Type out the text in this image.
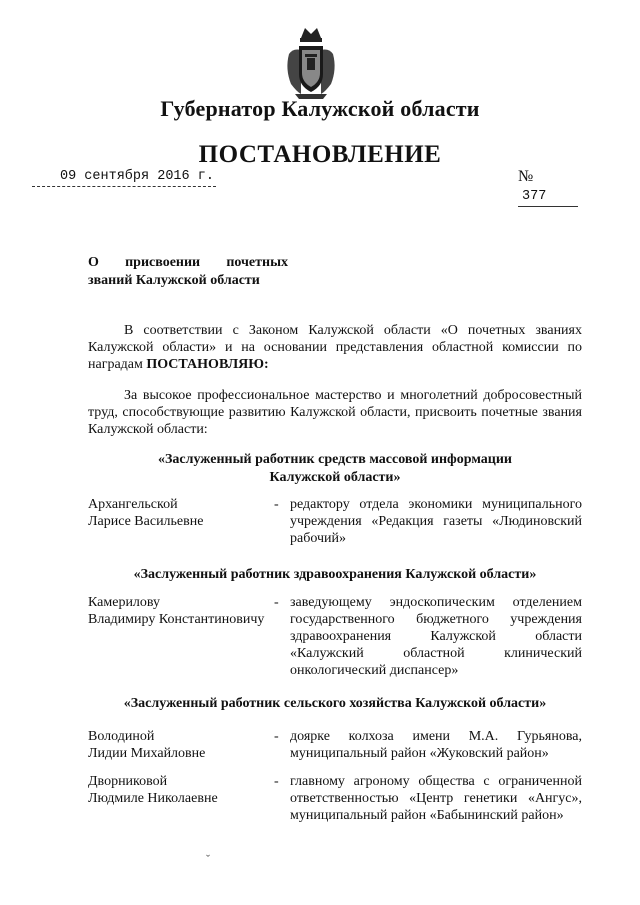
Губернатор Калужской области
ПОСТАНОВЛЕНИЕ
09 сентября 2016 г.	№ 377
О присвоении почетных
званий Калужской области
В соответствии с Законом Калужской области «О почетных званиях Калужской области» и на основании представления областной комиссии по наградам ПОСТАНОВЛЯЮ:
За высокое профессиональное мастерство и многолетний добросовестный труд, способствующие развитию Калужской области, присвоить почетные звания Калужской области:
«Заслуженный работник средств массовой информации
Калужской области»
Архангельской
Ларисе Васильевне
- редактору отдела экономики муниципального учреждения «Редакция газеты «Людиновский рабочий»
«Заслуженный работник здравоохранения Калужской области»
Камерилову
Владимиру Константиновичу
- заведующему эндоскопическим отделением государственного бюджетного учреждения здравоохранения Калужской области «Калужский областной клинический онкологический диспансер»
«Заслуженный работник сельского хозяйства Калужской области»
Володиной
Лидии Михайловне
- доярке колхоза имени М.А. Гурьянова, муниципальный район «Жуковский район»
Дворниковой
Людмиле Николаевне
- главному агроному общества с ограниченной ответственностью «Центр генетики «Ангус», муниципальный район «Бабынинский район»
ˇ
